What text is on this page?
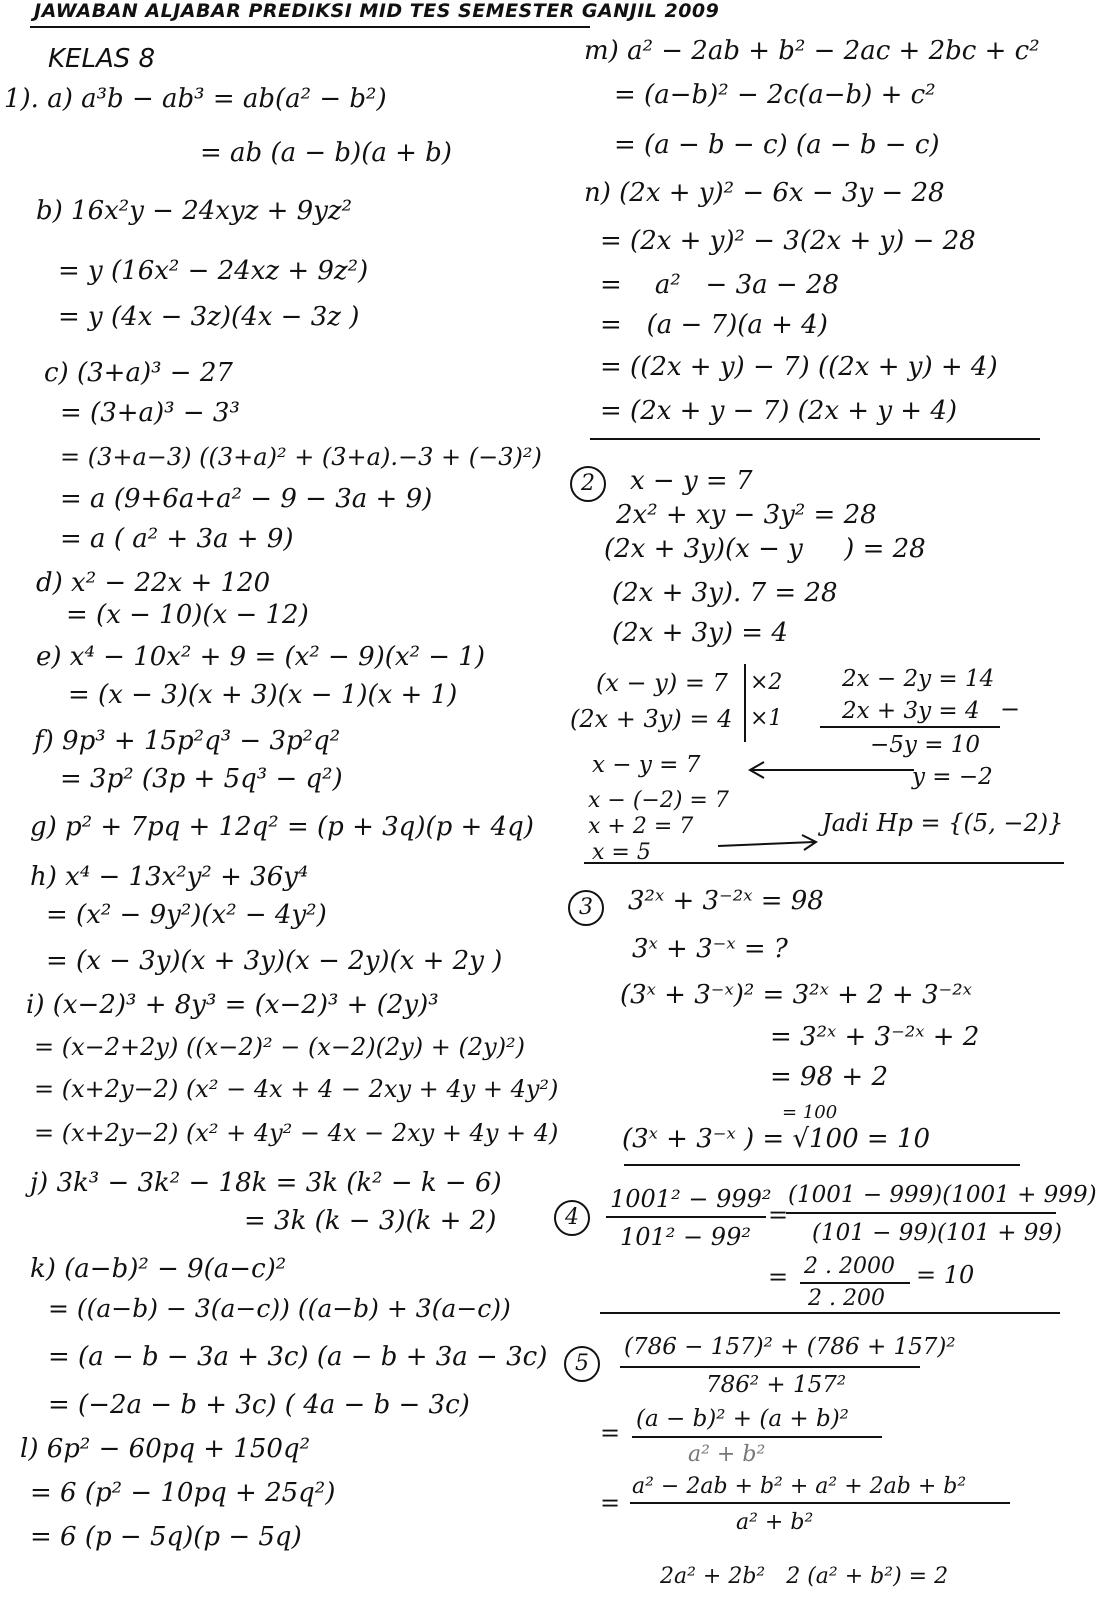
JAWABAN ALJABAR PREDIKSI MID TES SEMESTER GANJIL 2009
KELAS 8
1). a) a³b − ab³ = ab(a² − b²)
= ab (a − b)(a + b)
b) 16x²y − 24xyz + 9yz²
= y (16x² − 24xz + 9z²)
= y (4x − 3z)(4x − 3z )
c) (3+a)³ − 27
= (3+a)³ − 3³
= (3+a−3) ((3+a)² + (3+a).−3 + (−3)²)
= a (9+6a+a² − 9 − 3a + 9)
= a ( a² + 3a + 9)
d) x² − 22x + 120
= (x − 10)(x − 12)
e) x⁴ − 10x² + 9 = (x² − 9)(x² − 1)
= (x − 3)(x + 3)(x − 1)(x + 1)
f) 9p³ + 15p²q³ − 3p²q²
= 3p² (3p + 5q³ − q²)
g) p² + 7pq + 12q² = (p + 3q)(p + 4q)
h) x⁴ − 13x²y² + 36y⁴
= (x² − 9y²)(x² − 4y²)
= (x − 3y)(x + 3y)(x − 2y)(x + 2y )
i) (x−2)³ + 8y³ = (x−2)³ + (2y)³
= (x−2+2y) ((x−2)² − (x−2)(2y) + (2y)²)
= (x+2y−2) (x² − 4x + 4 − 2xy + 4y + 4y²)
= (x+2y−2) (x² + 4y² − 4x − 2xy + 4y + 4)
j) 3k³ − 3k² − 18k = 3k (k² − k − 6)
= 3k (k − 3)(k + 2)
k) (a−b)² − 9(a−c)²
= ((a−b) − 3(a−c)) ((a−b) + 3(a−c))
= (a − b − 3a + 3c) (a − b + 3a − 3c)
= (−2a − b + 3c) ( 4a − b − 3c)
l) 6p² − 60pq + 150q²
= 6 (p² − 10pq + 25q²)
= 6 (p − 5q)(p − 5q)
m) a² − 2ab + b² − 2ac + 2bc + c²
= (a−b)² − 2c(a−b) + c²
= (a − b − c) (a − b − c)
n) (2x + y)² − 6x − 3y − 28
= (2x + y)² − 3(2x + y) − 28
=    a²   − 3a − 28
=   (a − 7)(a + 4)
= ((2x + y) − 7) ((2x + y) + 4)
= (2x + y − 7) (2x + y + 4)
2	x − y = 7
2x² + xy − 3y² = 28
(2x + 3y)(x − y     ) = 28
(2x + 3y). 7 = 28
(2x + 3y) = 4
(x − y) = 7
(2x + 3y) = 4
×2
×1
2x − 2y = 14
2x + 3y = 4 −
−5y = 10
y = −2
x − y = 7
x − (−2) = 7
x + 2 = 7
x = 5
Jadi Hp = {(5, −2)}
3	3²ˣ + 3⁻²ˣ = 98
3ˣ + 3⁻ˣ = ?
(3ˣ + 3⁻ˣ)² = 3²ˣ + 2 + 3⁻²ˣ
= 3²ˣ + 3⁻²ˣ + 2
= 98 + 2
= 100
(3ˣ + 3⁻ˣ ) = √100 = 10
4
1001² − 999²
101² − 99²
=
(1001 − 999)(1001 + 999)
(101 − 99)(101 + 99)
= 2 . 2000
2 . 200
= 10
5
(786 − 157)² + (786 + 157)²
786² + 157²
= (a − b)² + (a + b)²
a² + b²
=
a² − 2ab + b² + a² + 2ab + b²
a² + b²
2a² + 2b²   2 (a² + b²) = 2
